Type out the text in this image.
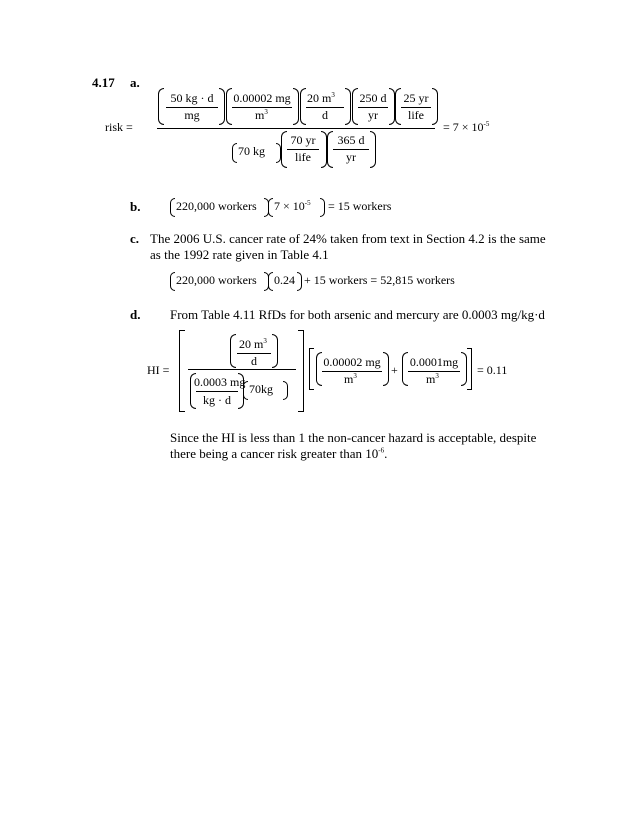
4.17 a.
risk =
50 kg · d
mg
0.00002 mg
$m^3$
20 $m^3$
d
250 d
yr
25 yr
life
70 kg
70 yr
life
365 d
yr
= $7 \times 10^{-5}$
b.	220,000 workers $7 \times 10^{-5} = 15$ workers
c. The 2006 U.S. cancer rate of 24% taken from text in Section 4.2 is the same
as the 1992 rate given in Table 4.1
220,000 workers 0.24 + 15 workers = 52,815 workers
d. From Table 4.11 RfDs for both arsenic and mercury are 0.0003 mg/kg·d
HI =
20 $m^3$
d
0.0003 mg
kg · d
70kg
0.00002 mg
$m^3$	+
0.0001mg
$m^3$	= 0.11
Since the HI is less than 1 the non-cancer hazard is acceptable, despite
there being a cancer risk greater than $10^{-6}$.
